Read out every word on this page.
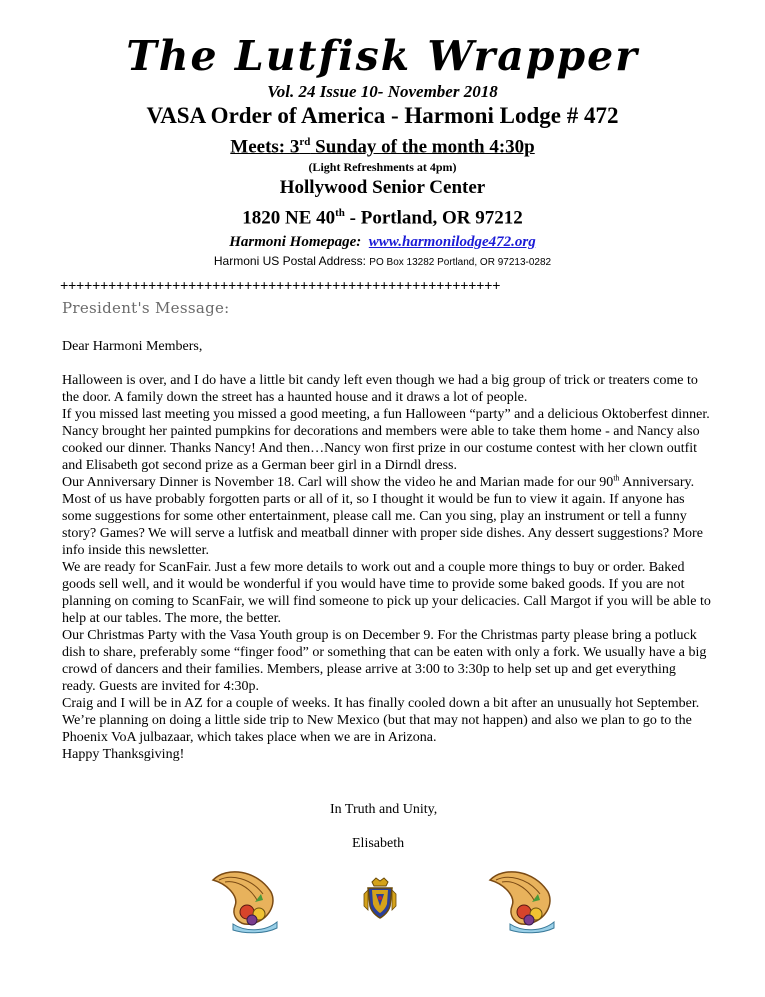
The Lutfisk Wrapper
Vol. 24 Issue 10- November 2018
VASA Order of America - Harmoni Lodge # 472
Meets: 3rd Sunday of the month 4:30p
(Light Refreshments at 4pm)
Hollywood Senior Center
1820 NE 40th - Portland, OR 97212
Harmoni Homepage: www.harmonilodge472.org
Harmoni US Postal Address: PO Box 13282 Portland, OR 97213-0282
+++++++++++++++++++++++++++++++++++++++++++++++++++++++
President's Message:

Dear Harmoni Members,

Halloween is over, and I do have a little bit candy left even though we had a big group of trick or treaters come to the door. A family down the street has a haunted house and it draws a lot of people.

If you missed last meeting you missed a good meeting, a fun Halloween “party” and a delicious Oktoberfest dinner. Nancy brought her painted pumpkins for decorations and members were able to take them home - and Nancy also cooked our dinner. Thanks Nancy! And then…Nancy won first prize in our costume contest with her clown outfit and Elisabeth got second prize as a German beer girl in a Dirndl dress.

Our Anniversary Dinner is November 18. Carl will show the video he and Marian made for our 90th Anniversary. Most of us have probably forgotten parts or all of it, so I thought it would be fun to view it again. If anyone has some suggestions for some other entertainment, please call me. Can you sing, play an instrument or tell a funny story? Games? We will serve a lutfisk and meatball dinner with proper side dishes. Any dessert suggestions? More info inside this newsletter.

We are ready for ScanFair. Just a few more details to work out and a couple more things to buy or order. Baked goods sell well, and it would be wonderful if you would have time to provide some baked goods. If you are not planning on coming to ScanFair, we will find someone to pick up your delicacies. Call Margot if you will be able to help at our tables. The more, the better.

Our Christmas Party with the Vasa Youth group is on December 9. For the Christmas party please bring a potluck dish to share, preferably some “finger food” or something that can be eaten with only a fork. We usually have a big crowd of dancers and their families. Members, please arrive at 3:00 to 3:30p to help set up and get everything ready. Guests are invited for 4:30p.

Craig and I will be in AZ for a couple of weeks. It has finally cooled down a bit after an unusually hot September. We’re planning on doing a little side trip to New Mexico (but that may not happen) and also we plan to go to the Phoenix VoA julbazaar, which takes place when we are in Arizona.

Happy Thanksgiving!

In Truth and Unity,
Elisabeth
